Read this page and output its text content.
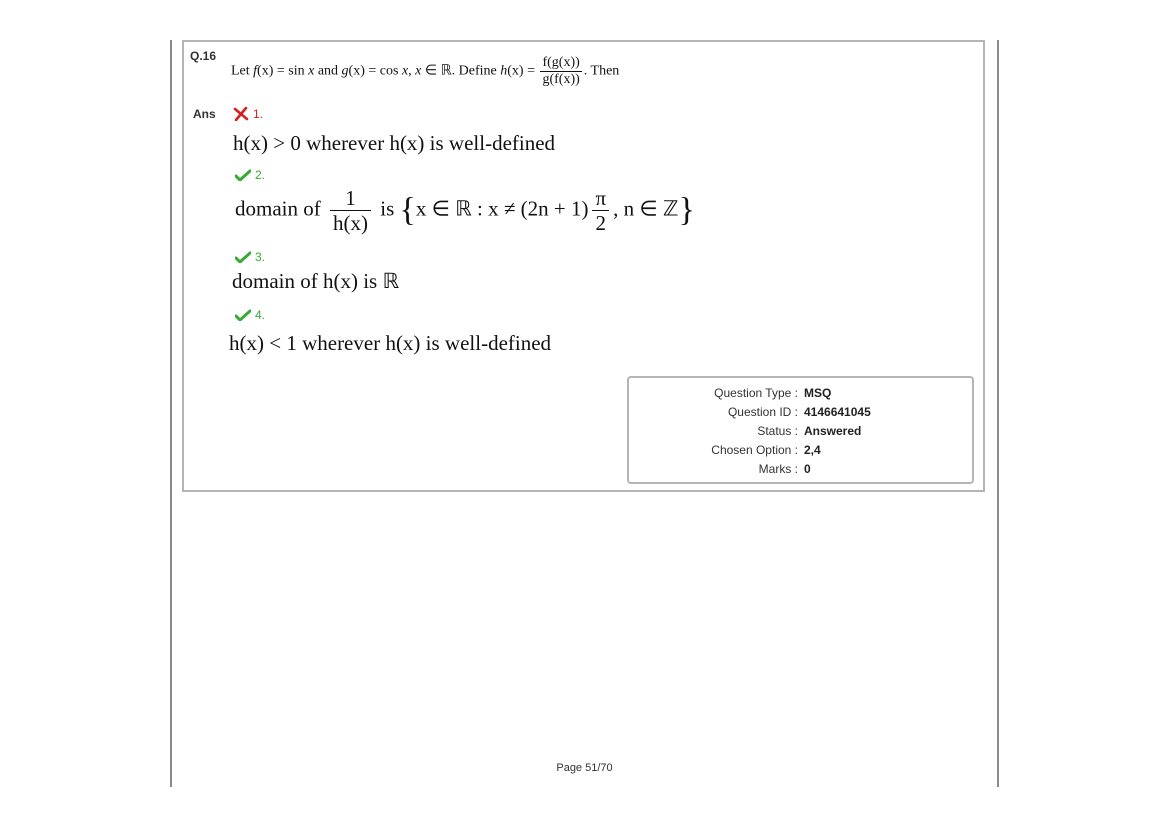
Q.16
Let f(x) = sin x and g(x) = cos x, x ∈ ℝ. Define $h(x) = \frac{f(g(x))}{g(f(x))}$ . Then
Ans	1.
h(x) > 0 wherever h(x) is well-defined
2.
domain of $\frac{1}{h(x)}$ is {x ∈ ℝ : $x \ne (2n + 1) \frac{\pi}{2}$ , n ∈ ℤ}
3.
domain of h(x) is ℝ
4.
h(x) < 1 wherever h(x) is well-defined
Question Type : MSQ
Question ID : 4146641045
Status : Answered
Chosen Option : 2,4
Marks : 0
Page 51/70
